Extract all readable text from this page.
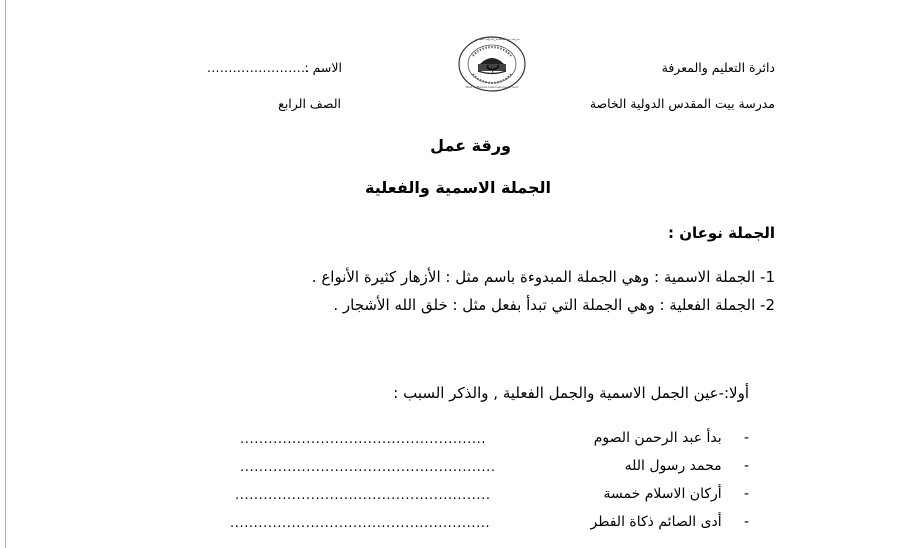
دائرة التعليم والمعرفة
مدرسة بيت المقدس الدولية الخاصة
الاسم :
........................
الصف الرابع
ب
مدرسة بيت المقدس الدولية الخاصة
Bait Al Maqdis International School
ورقة عمل
الجملة الاسمية والفعلية
الجملة نوعان :
1- الجملة الاسمية : وهي الجملة المبدوءة باسم مثل : الأزهار كثيرة الأنواع .
2- الجملة الفعلية : وهي الجملة التي تبدأ بفعل مثل : خلق الله الأشجار .
أولا:-عين الجمل الاسمية والجمل الفعلية , والذكر السبب :
-     بدأ عبد الرحمن الصوم
....................................................
-     محمد رسول الله
......................................................
-     أركان الاسلام خمسة
......................................................
-     أدى الصائم ذكاة الفطر
.......................................................
